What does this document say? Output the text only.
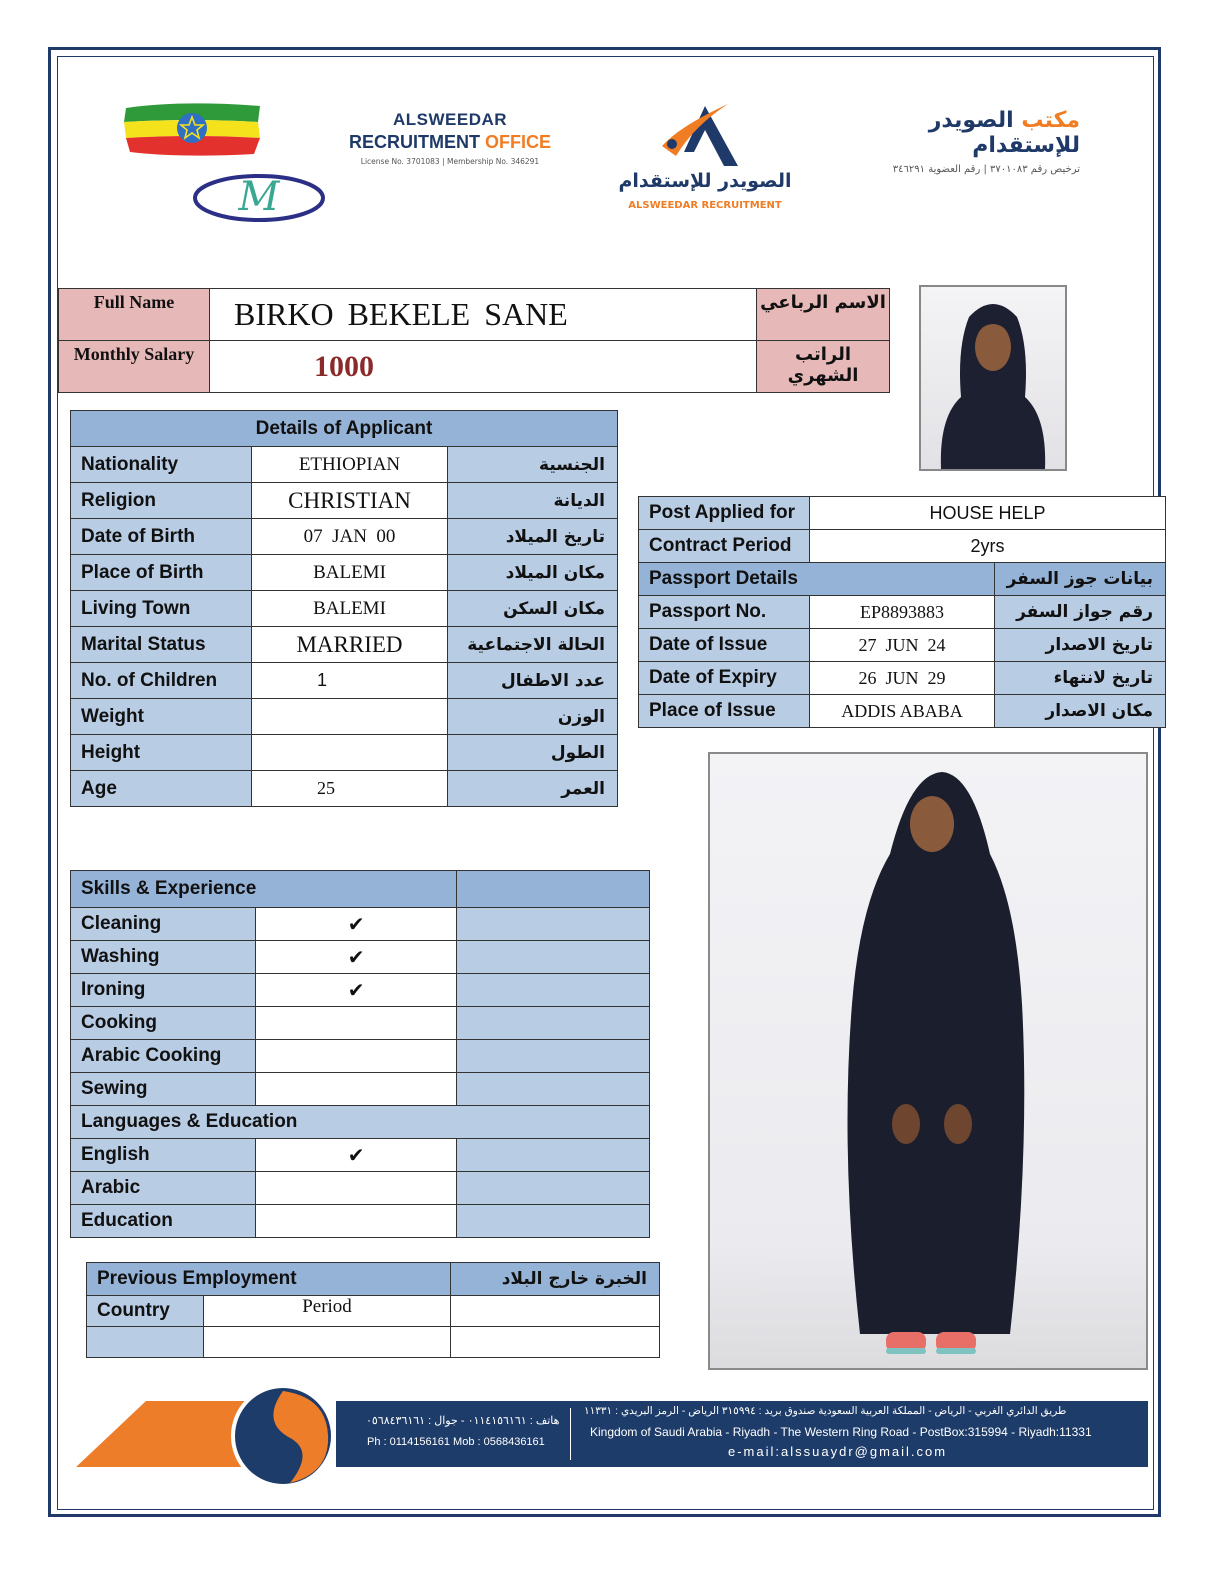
M
ALSWEEDAR
RECRUITMENT OFFICE
License No. 3701083 | Membership No. 346291
الصويدر للإستقدام
ALSWEEDAR RECRUITMENT
مكتب الصويدر للإستقدام
ترخيص رقم ٣٧٠١٠٨٣ | رقم العضوية ٣٤٦٢٩١
Full Name	BIRKO BEKELE SANE	الاسم الرباعي
Monthly Salary	1000	الراتب الشهري
Details of Applicant		
Nationality	ETHIOPIAN	الجنسية
Religion	CHRISTIAN	الديانة
Date of Birth	07  JAN  00	تاريخ الميلاد
Place of Birth	BALEMI	مكان الميلاد
Living Town	BALEMI	مكان السكن
Marital Status	MARRIED	الحالة الاجتماعية
No. of Children	1	عدد الاطفال
Weight		الوزن
Height		الطول
Age	25	العمر
Post Applied for	HOUSE HELP	
Contract Period	2yrs	
Passport Details		بيانات جوز السفر
Passport No.	EP8893883	رقم جواز السفر
Date of Issue	27  JUN  24	تاريخ الاصدار
Date of Expiry	26  JUN  29	تاريخ لانتهاء
Place of Issue	ADDIS ABABA	مكان الاصدار
Skills & Experience		
Cleaning	✔	
Washing	✔	
Ironing	✔	
Cooking		
Arabic Cooking		
Sewing		
Languages & Education		
English	✔	
Arabic		
Education		
Previous Employment		الخبرة خارج البلاد
Country	Period	

هاتف : ٠١١٤١٥٦١٦١ - جوال : ٠٥٦٨٤٣٦١٦١
Ph : 0114156161 Mob : 0568436161
طريق الدائري الغربي - الرياض - المملكة العربية السعودية صندوق بريد : ٣١٥٩٩٤ الرياض - الرمز البريدي : ١١٣٣١
Kingdom of Saudi Arabia - Riyadh - The Western Ring Road - PostBox:315994 - Riyadh:11331
e-mail:alssuaydr@gmail.com
